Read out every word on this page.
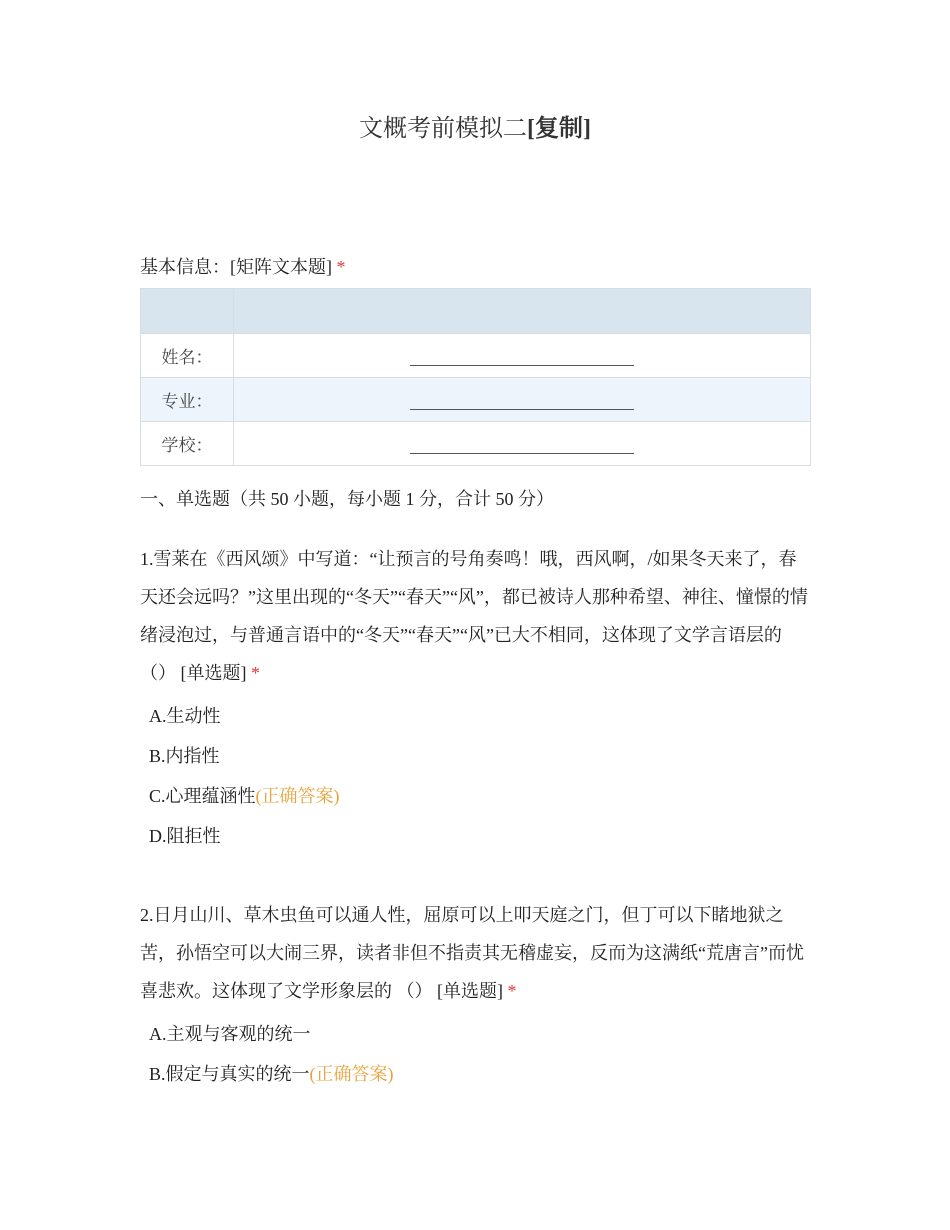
文概考前模拟二[复制]
基本信息：[矩阵文本题] *

姓名：	
专业：	
学校：	
一、单选题（共 50 小题，每小题 1 分，合计 50 分）
1.雪莱在《西风颂》中写道：“让预言的号角奏鸣！哦，西风啊，/如果冬天来了，春天还会远吗？”这里出现的“冬天”“春天”“风”，都已被诗人那种希望、神往、憧憬的情绪浸泡过，与普通言语中的“冬天”“春天”“风”已大不相同，这体现了文学言语层的 （） [单选题] *
A.生动性
B.内指性
C.心理蕴涵性(正确答案)
D.阻拒性
2.日月山川、草木虫鱼可以通人性，屈原可以上叩天庭之门，但丁可以下睹地狱之苦，孙悟空可以大闹三界，读者非但不指责其无稽虚妄，反而为这满纸“荒唐言”而忧喜悲欢。这体现了文学形象层的 （） [单选题] *
A.主观与客观的统一
B.假定与真实的统一(正确答案)
